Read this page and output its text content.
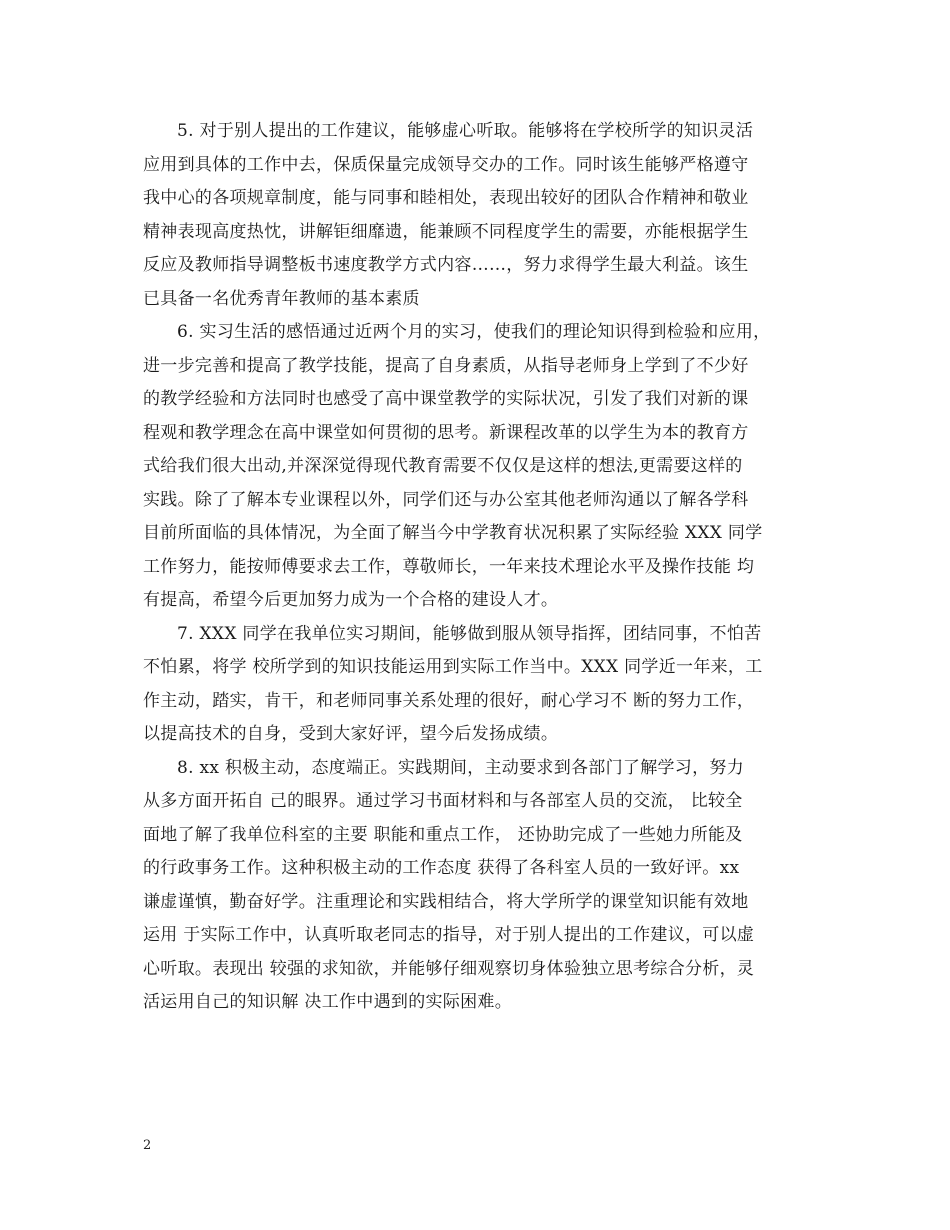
5. 对于别人提出的工作建议，能够虚心听取。能够将在学校所学的知识灵活
应用到具体的工作中去，保质保量完成领导交办的工作。同时该生能够严格遵守
我中心的各项规章制度，能与同事和睦相处，表现出较好的团队合作精神和敬业
精神表现高度热忱，讲解钜细靡遗，能兼顾不同程度学生的需要，亦能根据学生
反应及教师指导调整板书速度教学方式内容……，努力求得学生最大利益。该生
已具备一名优秀青年教师的基本素质
6. 实习生活的感悟通过近两个月的实习，使我们的理论知识得到检验和应用，
进一步完善和提高了教学技能，提高了自身素质，从指导老师身上学到了不少好
的教学经验和方法同时也感受了高中课堂教学的实际状况，引发了我们对新的课
程观和教学理念在高中课堂如何贯彻的思考。新课程改革的以学生为本的教育方
式给我们很大出动,并深深觉得现代教育需要不仅仅是这样的想法,更需要这样的
实践。除了了解本专业课程以外，同学们还与办公室其他老师沟通以了解各学科
目前所面临的具体情况，为全面了解当今中学教育状况积累了实际经验 XXX 同学
工作努力，能按师傅要求去工作，尊敬师长，一年来技术理论水平及操作技能 均
有提高，希望今后更加努力成为一个合格的建设人才。
7. XXX 同学在我单位实习期间，能够做到服从领导指挥，团结同事，不怕苦
不怕累，将学 校所学到的知识技能运用到实际工作当中。XXX 同学近一年来，工
作主动，踏实，肯干，和老师同事关系处理的很好，耐心学习不 断的努力工作，
以提高技术的自身，受到大家好评，望今后发扬成绩。
8. xx 积极主动，态度端正。实践期间，主动要求到各部门了解学习，努力
从多方面开拓自 己的眼界。通过学习书面材料和与各部室人员的交流， 比较全
面地了解了我单位科室的主要 职能和重点工作， 还协助完成了一些她力所能及
的行政事务工作。这种积极主动的工作态度 获得了各科室人员的一致好评。xx
谦虚谨慎，勤奋好学。注重理论和实践相结合，将大学所学的课堂知识能有效地
运用 于实际工作中，认真听取老同志的指导，对于别人提出的工作建议，可以虚
心听取。表现出 较强的求知欲，并能够仔细观察切身体验独立思考综合分析，灵
活运用自己的知识解 决工作中遇到的实际困难。
2
